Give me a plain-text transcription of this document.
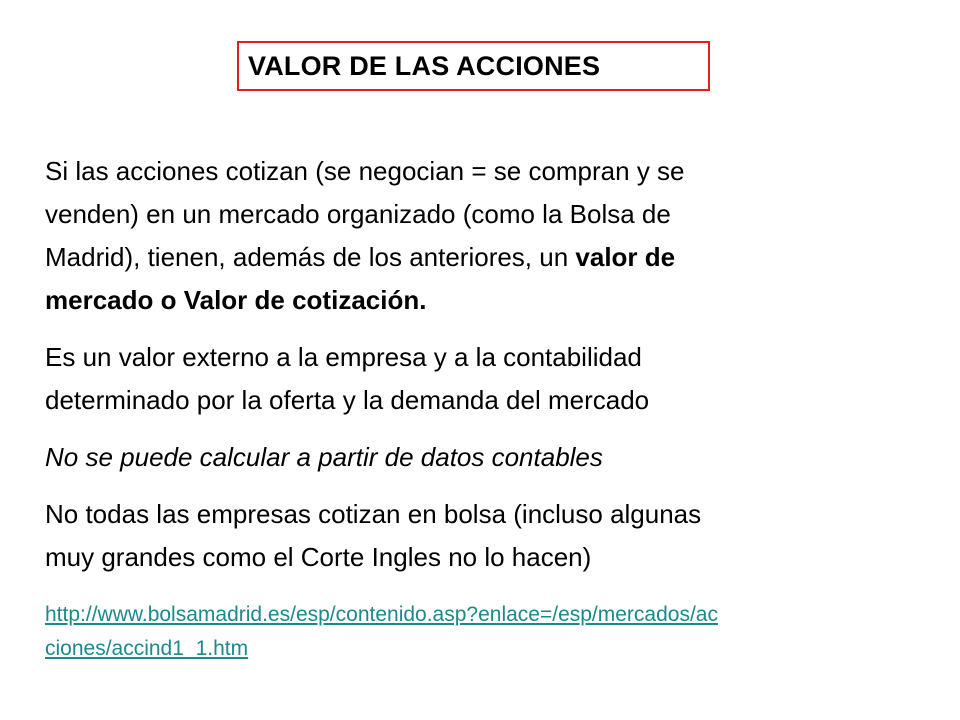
VALOR DE LAS ACCIONES

Si las acciones cotizan (se negocian = se compran y se

venden) en un mercado organizado (como la Bolsa de

Madrid), tienen, además de los anteriores, un valor de

mercado o Valor de cotización.

Es un valor externo a la empresa y a la contabilidad

determinado por la oferta y la demanda del mercado

No se puede calcular a partir de datos contables

No todas las empresas cotizan en bolsa (incluso algunas

muy grandes como el Corte Ingles no lo hacen)

http://www.bolsamadrid.es/esp/contenido.asp?enlace=/esp/mercados/ac
ciones/accind1_1.htm
